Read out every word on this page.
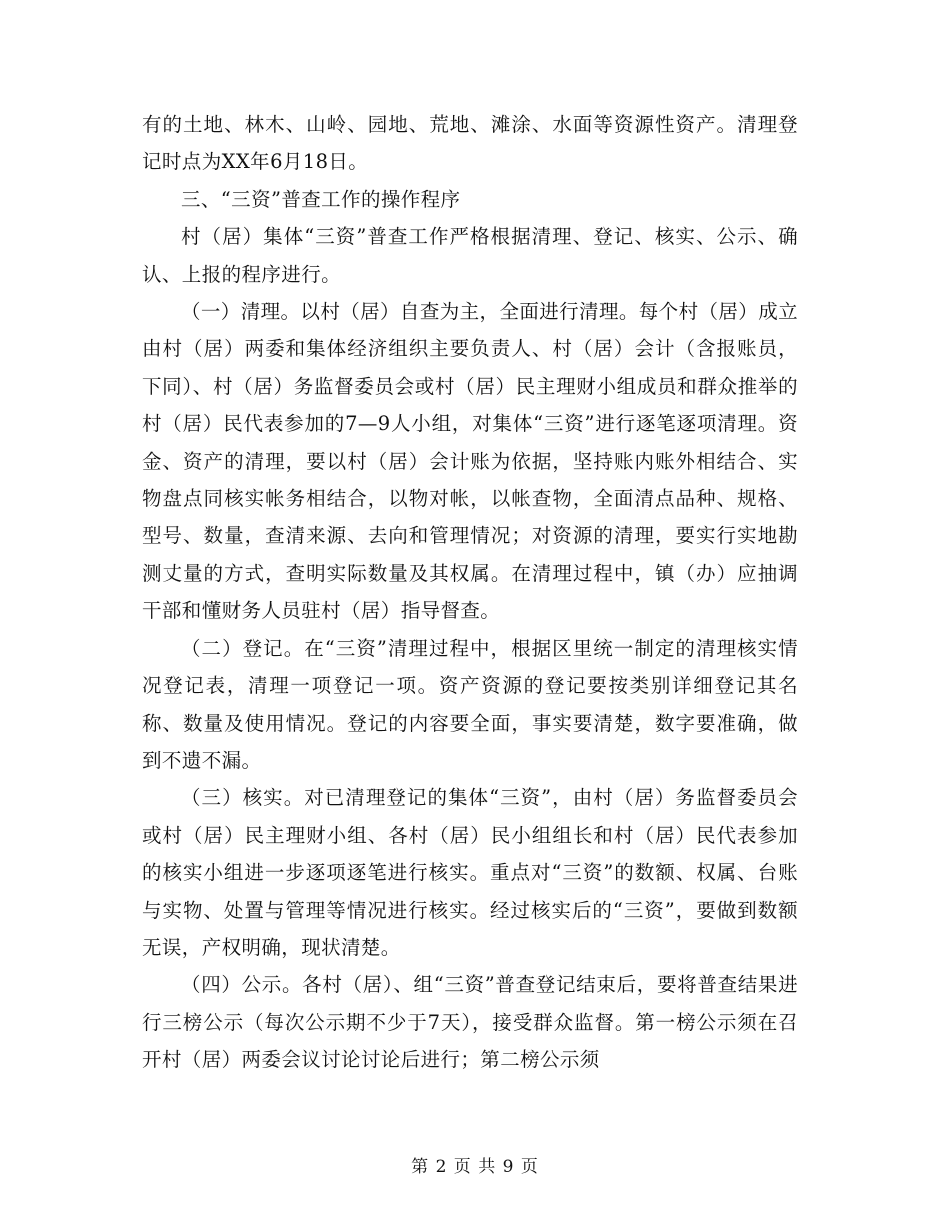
有的土地、林木、山岭、园地、荒地、滩涂、水面等资源性资产。清理登记时点为XX年6月18日。

三、“三资”普查工作的操作程序

村（居）集体“三资”普查工作严格根据清理、登记、核实、公示、确认、上报的程序进行。

（一）清理。以村（居）自查为主，全面进行清理。每个村（居）成立由村（居）两委和集体经济组织主要负责人、村（居）会计（含报账员，下同）、村（居）务监督委员会或村（居）民主理财小组成员和群众推举的村（居）民代表参加的7—9人小组，对集体“三资”进行逐笔逐项清理。资金、资产的清理，要以村（居）会计账为依据，坚持账内账外相结合、实物盘点同核实帐务相结合，以物对帐，以帐查物，全面清点品种、规格、型号、数量，查清来源、去向和管理情况；对资源的清理，要实行实地勘测丈量的方式，查明实际数量及其权属。在清理过程中，镇（办）应抽调干部和懂财务人员驻村（居）指导督查。

（二）登记。在“三资”清理过程中，根据区里统一制定的清理核实情况登记表，清理一项登记一项。资产资源的登记要按类别详细登记其名称、数量及使用情况。登记的内容要全面，事实要清楚，数字要准确，做到不遗不漏。

（三）核实。对已清理登记的集体“三资”，由村（居）务监督委员会或村（居）民主理财小组、各村（居）民小组组长和村（居）民代表参加的核实小组进一步逐项逐笔进行核实。重点对“三资”的数额、权属、台账与实物、处置与管理等情况进行核实。经过核实后的“三资”，要做到数额无误，产权明确，现状清楚。

（四）公示。各村（居）、组“三资”普查登记结束后，要将普查结果进行三榜公示（每次公示期不少于7天），接受群众监督。第一榜公示须在召开村（居）两委会议讨论讨论后进行；第二榜公示须

第 2 页 共 9 页
